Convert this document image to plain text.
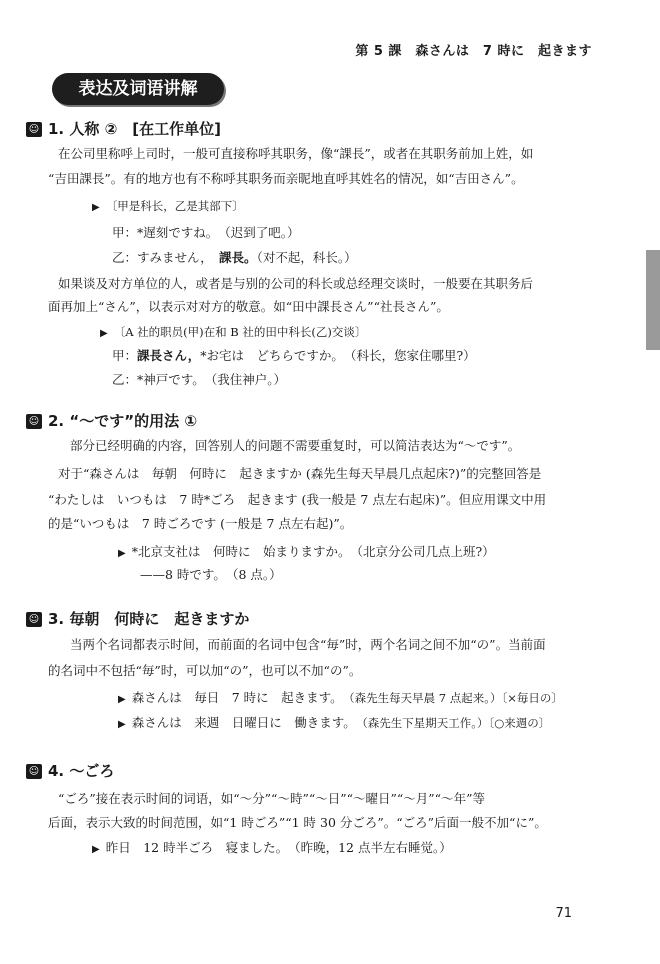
第 5 課　森さんは　7 時に　起きます
表达及词语讲解
☺ 1. 人称 ②　[在工作单位]
在公司里称呼上司时，一般可直接称呼其职务，像“課長”，或者在其职务前加上姓，如
“吉田課長”。有的地方也有不称呼其职务而亲昵地直呼其姓名的情况，如“吉田さん”。
▶ 〔甲是科长，乙是其部下〕
甲：*遅刻ですね。　 （迟到了吧。）
乙：すみません，　 課長。（对不起，科长。）
如果谈及对方单位的人，或者是与别的公司的科长或总经理交谈时，一般要在其职务后
面再加上“さん”，以表示对对方的敬意。如“田中課長さん”“社長さん”。
▶ 〔A 社的职员(甲)在和 B 社的田中科长(乙)交谈〕
甲：課長さん，*お宅は　どちらですか。　 （科长，您家住哪里?）
乙：*神戸です。　 （我住神户。）
☺ 2. “～です”的用法 ①
部分已经明确的内容，回答别人的问题不需要重复时，可以简洁表达为“～です”。
对于“森さんは　毎朝　何時に　起きますか (森先生每天早晨几点起床?)”的完整回答是
“わたしは　いつもは　7 時*ごろ　起きます (我一般是 7 点左右起床)”。但应用课文中用
的是“いつもは　7 時ごろです (一般是 7 点左右起)”。
▶ *北京支社は　何時に　始まりますか。　 （北京分公司几点上班?）
——8 時です。　 （8 点。）
☺ 3. 毎朝　何時に　起きますか
当两个名词都表示时间，而前面的名词中包含“毎”时，两个名词之间不加“の”。当前面
的名词中不包括“毎”时，可以加“の”，也可以不加“の”。
▶ 森さんは　毎日　7 時に　起きます。　 （森先生每天早晨 7 点起来。）〔×毎日の〕
▶ 森さんは　来週　日曜日に　働きます。　 （森先生下星期天工作。）〔○来週の〕
☺ 4. ～ごろ
“ごろ”接在表示时间的词语，如“～分”“～時”“～日”“～曜日”“～月”“～年”等
后面，表示大致的时间范围，如“1 時ごろ”“1 時 30 分ごろ”。“ごろ”后面一般不加“に”。
▶ 昨日　12 時半ごろ　寝ました。　 （昨晚，12 点半左右睡觉。）
71
